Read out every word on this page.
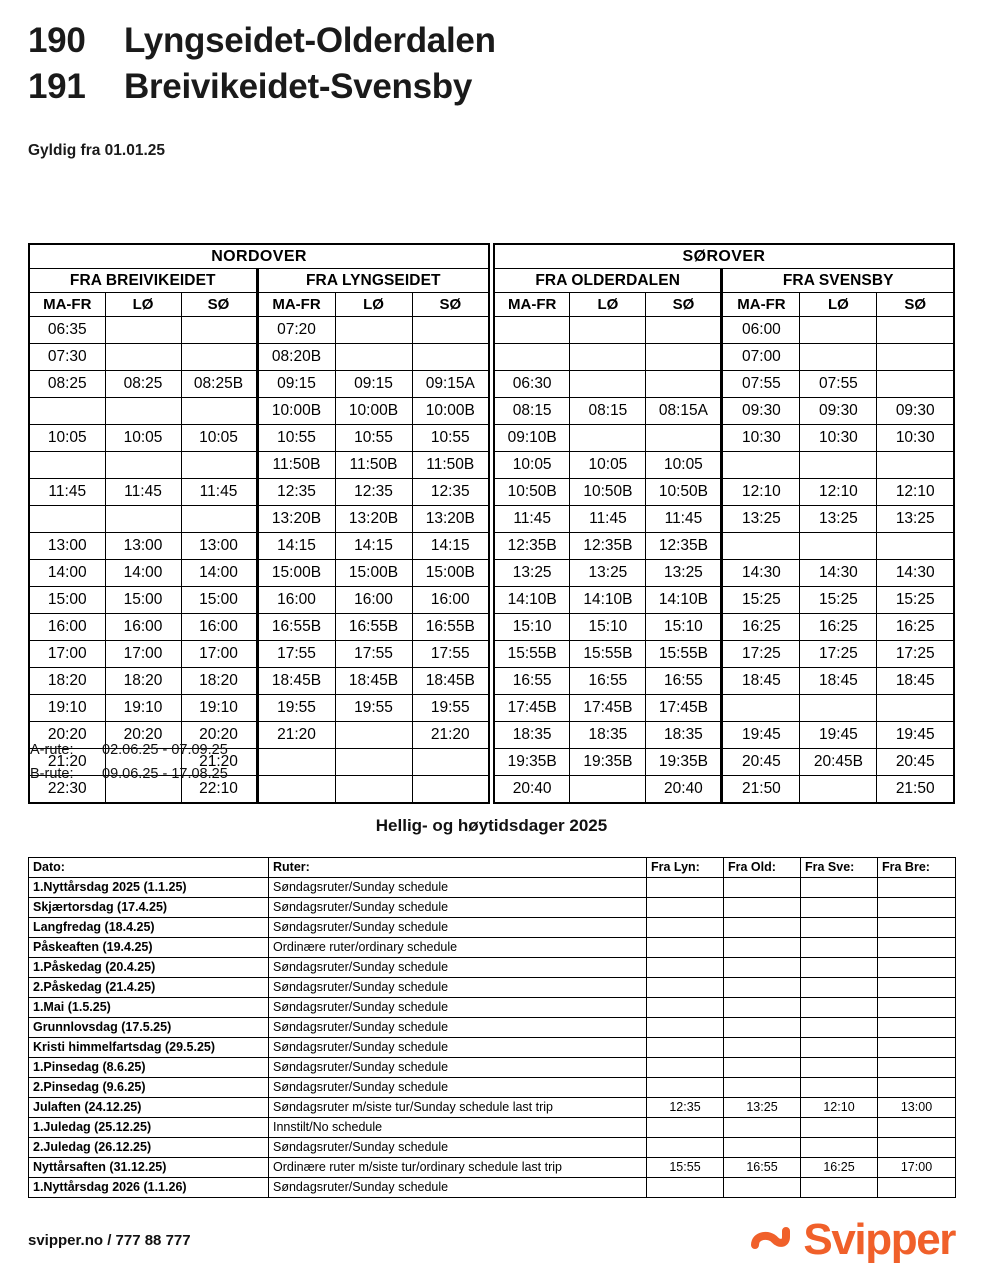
190	Lyngseidet-Olderdalen
191	Breivikeidet-Svensby
Gyldig fra 01.01.25
NORDOVER					
FRA BREIVIKEIDET			FRA LYNGSEIDET		
MA-FR	LØ	SØ	MA-FR	LØ	SØ
06:35			07:20		
07:30			08:20B		
08:25	08:25	08:25B	09:15	09:15	09:15A
			10:00B	10:00B	10:00B
10:05	10:05	10:05	10:55	10:55	10:55
			11:50B	11:50B	11:50B
11:45	11:45	11:45	12:35	12:35	12:35
			13:20B	13:20B	13:20B
13:00	13:00	13:00	14:15	14:15	14:15
14:00	14:00	14:00	15:00B	15:00B	15:00B
15:00	15:00	15:00	16:00	16:00	16:00
16:00	16:00	16:00	16:55B	16:55B	16:55B
17:00	17:00	17:00	17:55	17:55	17:55
18:20	18:20	18:20	18:45B	18:45B	18:45B
19:10	19:10	19:10	19:55	19:55	19:55
20:20	20:20	20:20	21:20		21:20
21:20		21:20			
22:30		22:10			
SØROVER					
FRA OLDERDALEN			FRA SVENSBY		
MA-FR	LØ	SØ	MA-FR	LØ	SØ
			06:00		
			07:00		
06:30			07:55	07:55	
08:15	08:15	08:15A	09:30	09:30	09:30
09:10B			10:30	10:30	10:30
10:05	10:05	10:05			
10:50B	10:50B	10:50B	12:10	12:10	12:10
11:45	11:45	11:45	13:25	13:25	13:25
12:35B	12:35B	12:35B			
13:25	13:25	13:25	14:30	14:30	14:30
14:10B	14:10B	14:10B	15:25	15:25	15:25
15:10	15:10	15:10	16:25	16:25	16:25
15:55B	15:55B	15:55B	17:25	17:25	17:25
16:55	16:55	16:55	18:45	18:45	18:45
17:45B	17:45B	17:45B			
18:35	18:35	18:35	19:45	19:45	19:45
19:35B	19:35B	19:35B	20:45	20:45B	20:45
20:40		20:40	21:50		21:50
A-rute: 02.06.25 - 07.09.25
B-rute: 09.06.25 - 17.08.25
Hellig- og høytidsdager 2025
Dato:	Ruter:	Fra Lyn:	Fra Old:	Fra Sve:	Fra Bre:
1.Nyttårsdag 2025 (1.1.25)	Søndagsruter/Sunday schedule				
Skjærtorsdag (17.4.25)	Søndagsruter/Sunday schedule				
Langfredag (18.4.25)	Søndagsruter/Sunday schedule				
Påskeaften (19.4.25)	Ordinære ruter/ordinary schedule				
1.Påskedag (20.4.25)	Søndagsruter/Sunday schedule				
2.Påskedag (21.4.25)	Søndagsruter/Sunday schedule				
1.Mai (1.5.25)	Søndagsruter/Sunday schedule				
Grunnlovsdag (17.5.25)	Søndagsruter/Sunday schedule				
Kristi himmelfartsdag (29.5.25)	Søndagsruter/Sunday schedule				
1.Pinsedag (8.6.25)	Søndagsruter/Sunday schedule				
2.Pinsedag (9.6.25)	Søndagsruter/Sunday schedule				
Julaften (24.12.25)	Søndagsruter m/siste tur/Sunday schedule last trip	12:35	13:25	12:10	13:00
1.Juledag (25.12.25)	Innstilt/No schedule				
2.Juledag (26.12.25)	Søndagsruter/Sunday schedule				
Nyttårsaften (31.12.25)	Ordinære ruter m/siste tur/ordinary schedule last trip	15:55	16:55	16:25	17:00
1.Nyttårsdag 2026 (1.1.26)	Søndagsruter/Sunday schedule				
svipper.no / 777 88 777	Svipper
